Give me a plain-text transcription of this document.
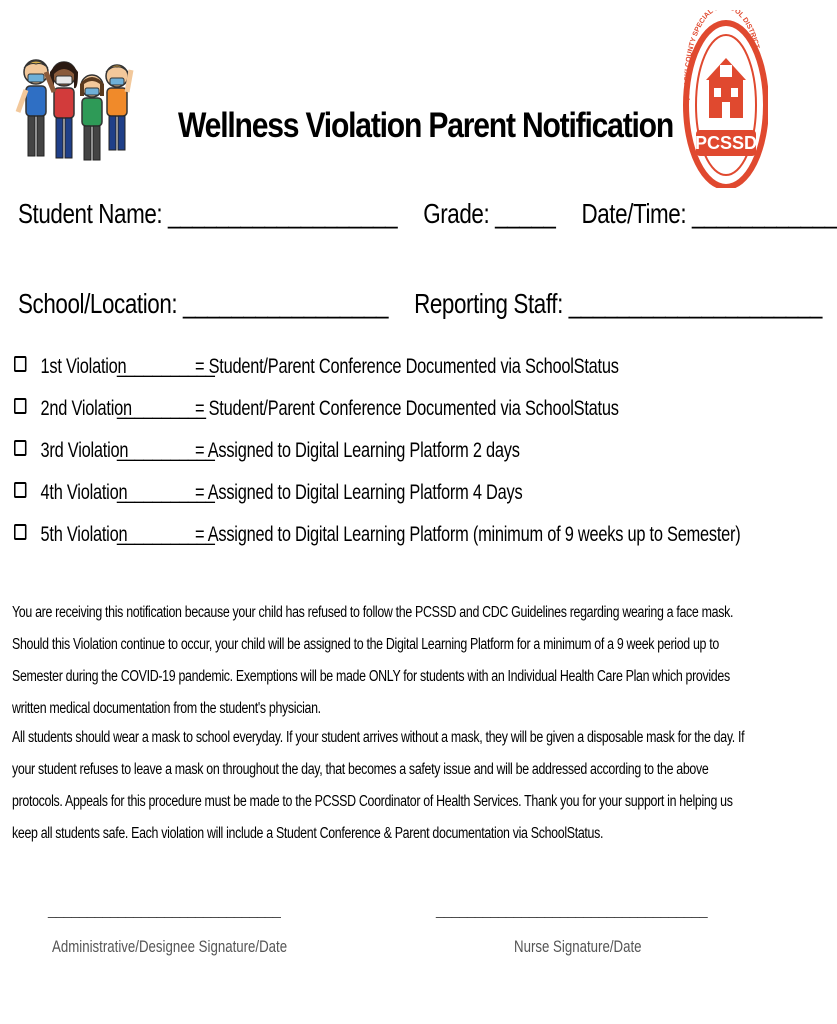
Wellness Violation Parent Notification PCSSD
PULASKI COUNTY SPECIAL OL DISTRICT
Student Name: ___________________ Grade: _____ Date/Time: ____________
School/Location: _________________ Reporting Staff: _____________________
1st Violation___________= Student/Parent Conference Documented via SchoolStatus
2nd Violation__________= Student/Parent Conference Documented via SchoolStatus
3rd Violation___________= Assigned to Digital Learning Platform 2 days
4th Violation___________= Assigned to Digital Learning Platform 4 Days
5th Violation___________= Assigned to Digital Learning Platform (minimum of 9 weeks up to Semester)
You are receiving this notification because your child has refused to follow the PCSSD and CDC Guidelines regarding wearing a face mask. Should this Violation continue to occur, your child will be assigned to the Digital Learning Platform for a minimum of a 9 week period up to Semester during the COVID-19 pandemic. Exemptions will be made ONLY for students with an Individual Health Care Plan which provides written medical documentation from the student's physician.
All students should wear a mask to school everyday. If your student arrives without a mask, they will be given a disposable mask for the day. If your student refuses to leave a mask on throughout the day, that becomes a safety issue and will be addressed according to the above protocols. Appeals for this procedure must be made to the PCSSD Coordinator of Health Services. Thank you for your support in helping us keep all students safe. Each violation will include a Student Conference & Parent documentation via SchoolStatus.
______________________________
Administrative/Designee Signature/Date
___________________________________
Nurse Signature/Date
